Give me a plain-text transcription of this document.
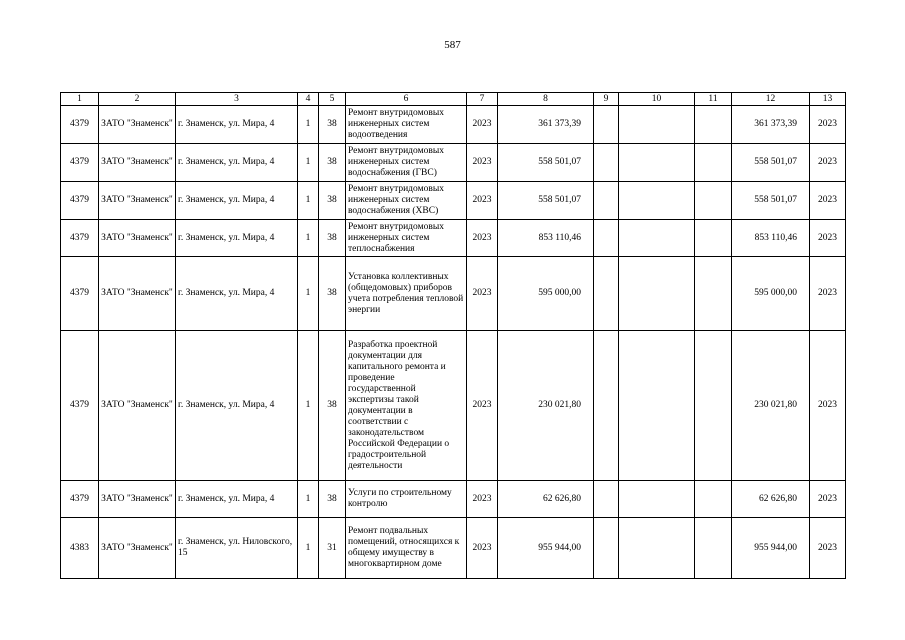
587
1	2	3	4	5	6	7	8	9	10	11	12	13
4379	ЗАТО "Знаменск"	г. Знаменск, ул. Мира, 4	1	38	Ремонт внутридомовых инженерных систем водоотведения	2023	361 373,39				361 373,39	2023
4379	ЗАТО "Знаменск"	г. Знаменск, ул. Мира, 4	1	38	Ремонт внутридомовых инженерных систем водоснабжения (ГВС)	2023	558 501,07				558 501,07	2023
4379	ЗАТО "Знаменск"	г. Знаменск, ул. Мира, 4	1	38	Ремонт внутридомовых инженерных систем водоснабжения (ХВС)	2023	558 501,07				558 501,07	2023
4379	ЗАТО "Знаменск"	г. Знаменск, ул. Мира, 4	1	38	Ремонт внутридомовых инженерных систем теплоснабжения	2023	853 110,46				853 110,46	2023
4379	ЗАТО "Знаменск"	г. Знаменск, ул. Мира, 4	1	38	Установка коллективных (общедомовых) приборов учета потребления тепловой энергии	2023	595 000,00				595 000,00	2023
4379	ЗАТО "Знаменск"	г. Знаменск, ул. Мира, 4	1	38	Разработка проектной документации для капитального ремонта и проведение государственной экспертизы такой документации в соответствии с законодательством Российской Федерации о градостроительной деятельности	2023	230 021,80				230 021,80	2023
4379	ЗАТО "Знаменск"	г. Знаменск, ул. Мира, 4	1	38	Услуги по строительному контролю	2023	62 626,80				62 626,80	2023
4383	ЗАТО "Знаменск"	г. Знаменск, ул. Ниловского, 15	1	31	Ремонт подвальных помещений, относящихся к общему имуществу в многоквартирном доме	2023	955 944,00				955 944,00	2023
